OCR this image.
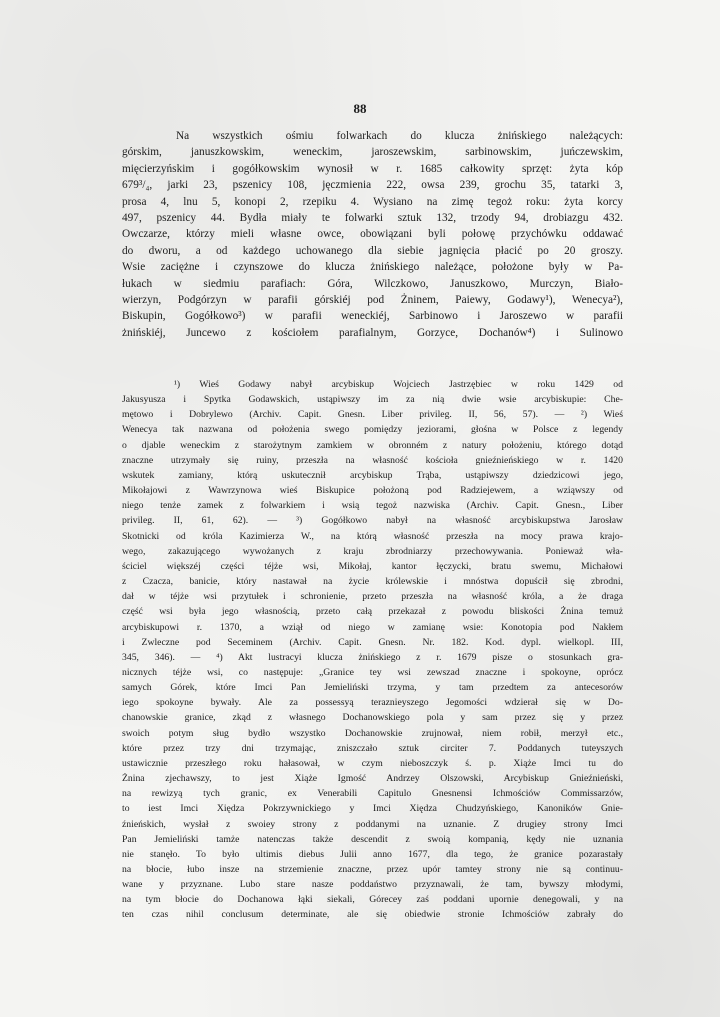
88

Na wszystkich ośmiu folwarkach do klucza żnińskiego należących:
górskim, januszkowskim, weneckim, jaroszewskim, sarbinowskim, juńczewskim,
mięcierzyńskim i gogółkowskim wynosił w r. 1685 całkowity sprzęt: żyta kóp
679³/₄, jarki 23, pszenicy 108, jęczmienia 222, owsa 239, grochu 35, tatarki 3,
prosa 4, lnu 5, konopi 2, rzepiku 4. Wysiano na zimę tegoż roku: żyta korcy
497, pszenicy 44. Bydła miały te folwarki sztuk 132, trzody 94, drobiazgu 432.
Owczarze, którzy mieli własne owce, obowiązani byli połowę przychówku oddawać
do dworu, a od każdego uchowanego dla siebie jagnięcia płacić po 20 groszy.
Wsie zaciężne i czynszowe do klucza żnińskiego należące, położone były w Pa-
łukach w siedmiu parafiach: Góra, Wilczkowo, Januszkowo, Murczyn, Biało-
wierzyn, Podgórzyn w parafii górskiéj pod Żninem, Paiewy, Godawy¹), Wenecya²),
Biskupin, Gogółkowo³) w parafii weneckiéj, Sarbinowo i Jaroszewo w parafii
żnińskiéj, Juncewo z kościołem parafialnym, Gorzyce, Dochanów⁴) i Sulinowo

¹) Wieś Godawy nabył arcybiskup Wojciech Jastrzębiec w roku 1429 od
Jakusyusza i Spytka Godawskich, ustąpiwszy im za nią dwie wsie arcybiskupie: Che-
mętowo i Dobrylewo (Archiv. Capit. Gnesn. Liber privileg. II, 56, 57). — ²) Wieś
Wenecya tak nazwana od położenia swego pomiędzy jeziorami, głośna w Polsce z legendy
o djable weneckim z starożytnym zamkiem w obronném z natury położeniu, którego dotąd
znaczne utrzymały się ruiny, przeszła na własność kościoła gnieźnieńskiego w r. 1420
wskutek zamiany, którą uskutecznił arcybiskup Trąba, ustąpiwszy dziedzicowi jego,
Mikołajowi z Wawrzynowa wieś Biskupice położoną pod Radziejewem, a wziąwszy od
niego tenże zamek z folwarkiem i wsią tegoż nazwiska (Archiv. Capit. Gnesn., Liber
privileg. II, 61, 62). — ³) Gogółkowo nabył na własność arcybiskupstwa Jarosław
Skotnicki od króla Kazimierza W., na którą własność przeszła na mocy prawa krajo-
wego, zakazującego wywożanych z kraju zbrodniarzy przechowywania. Ponieważ wła-
ściciel większéj części téjże wsi, Mikołaj, kantor łęczycki, bratu swemu, Michałowi
z Czacza, banicie, który nastawał na życie królewskie i mnóstwa dopuścił się zbrodni,
dał w téjże wsi przytułek i schronienie, przeto przeszła na własność króla, a że draga
część wsi była jego własnością, przeto całą przekazał z powodu bliskości Żnina temuż
arcybiskupowi r. 1370, a wziął od niego w zamianę wsie: Konotopia pod Nakłem
i Zwleczne pod Seceminem (Archiv. Capit. Gnesn. Nr. 182. Kod. dypl. wielkopl. III,
345, 346). — ⁴) Akt lustracyi klucza żnińskiego z r. 1679 pisze o stosunkach gra-
nicznych téjże wsi, co następuje: „Granice tey wsi zewszad znaczne i spokoyne, oprócz
samych Górek, które Imci Pan Jemieliński trzyma, y tam przedtem za antecesorów
iego spokoyne bywały. Ale za possessyą teraznieyszego Jegomości wdzierał się w Do-
chanowskie granice, zkąd z własnego Dochanowskiego pola y sam przez się y przez
swoich potym sług bydło wszystko Dochanowskie zrujnował, niem robił, merzył etc.,
które przez trzy dni trzymając, zniszczało sztuk circiter 7. Poddanych tuteyszych
ustawicznie przeszłego roku hałasował, w czym nieboszczyk ś. p. Xiąże Imci tu do
Żnina zjechawszy, to jest Xiąże Igmość Andrzey Olszowski, Arcybiskup Gnieźnieński,
na rewizyą tych granic, ex Venerabili Capitulo Gnesnensi Ichmościów Commissarzów,
to iest Imci Xiędza Pokrzywnickiego y Imci Xiędza Chudzyńskiego, Kanoników Gnie-
źnieńskich, wysłał z swoiey strony z poddanymi na uznanie. Z drugiey strony Imci
Pan Jemieliński tamże natenczas także descendit z swoią kompanią, kędy nie uznania
nie stanęło. To było ultimis diebus Julii anno 1677, dla tego, że granice pozarastały
na błocie, łubo insze na strzemienie znaczne, przez upór tamtey strony nie są continuu-
wane y przyznane. Lubo stare nasze poddaństwo przyznawali, że tam, bywszy młodymi,
na tym błocie do Dochanowa łąki siekali, Górecey zaś poddani upornie denegowali, y na
ten czas nihil conclusum determinate, ale się obiedwie stronie Ichmościów zabrały do
